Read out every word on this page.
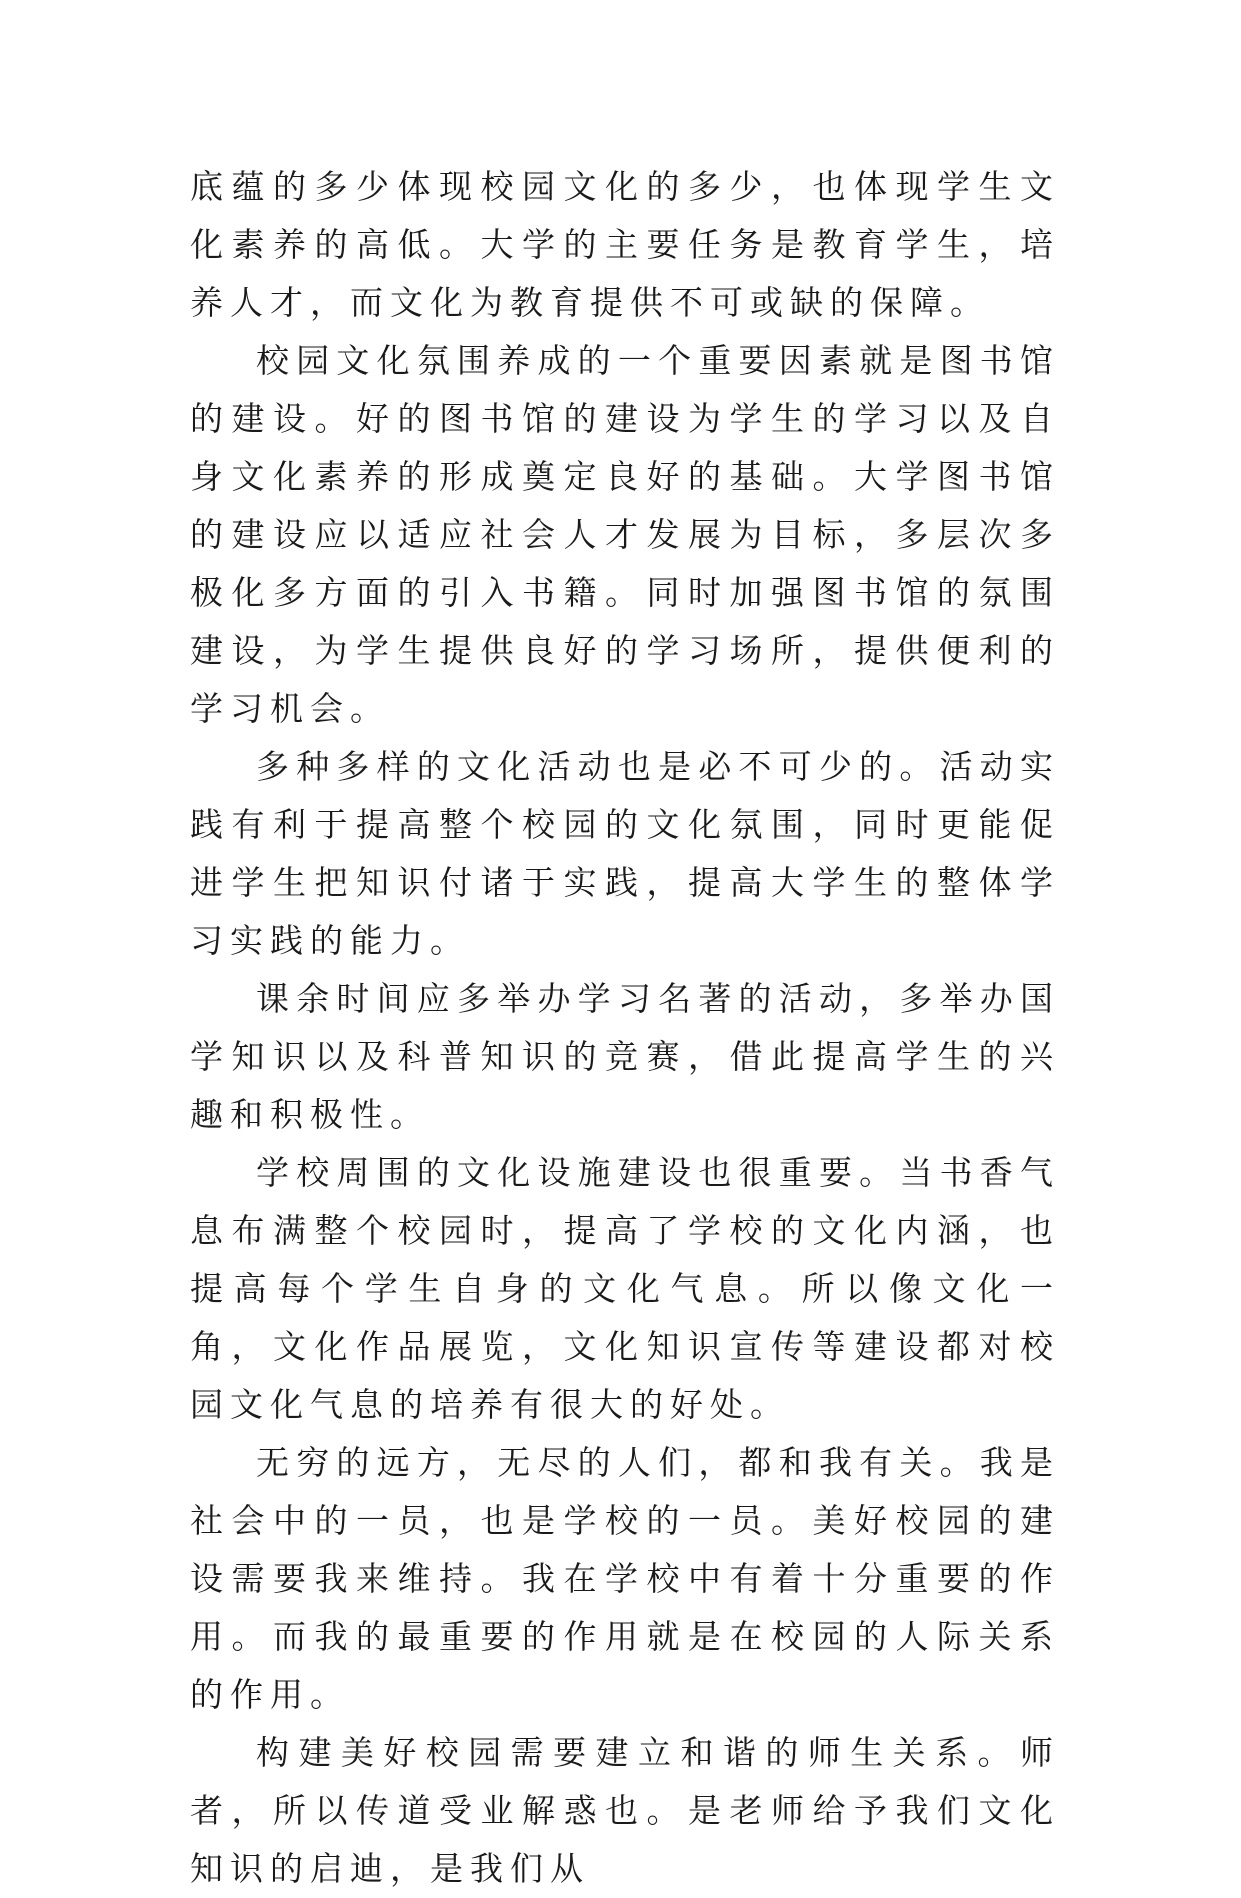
底蕴的多少体现校园文化的多少，也体现学生文化素养的高低。大学的主要任务是教育学生，培养人才，而文化为教育提供不可或缺的保障。

校园文化氛围养成的一个重要因素就是图书馆的建设。好的图书馆的建设为学生的学习以及自身文化素养的形成奠定良好的基础。大学图书馆的建设应以适应社会人才发展为目标，多层次多极化多方面的引入书籍。同时加强图书馆的氛围建设，为学生提供良好的学习场所，提供便利的学习机会。

多种多样的文化活动也是必不可少的。活动实践有利于提高整个校园的文化氛围，同时更能促进学生把知识付诸于实践，提高大学生的整体学习实践的能力。

课余时间应多举办学习名著的活动，多举办国学知识以及科普知识的竞赛，借此提高学生的兴趣和积极性。

学校周围的文化设施建设也很重要。当书香气息布满整个校园时，提高了学校的文化内涵，也提高每个学生自身的文化气息。所以像文化一角，文化作品展览，文化知识宣传等建设都对校园文化气息的培养有很大的好处。

无穷的远方，无尽的人们，都和我有关。我是社会中的一员，也是学校的一员。美好校园的建设需要我来维持。我在学校中有着十分重要的作用。而我的最重要的作用就是在校园的人际关系的作用。

构建美好校园需要建立和谐的师生关系。师者，所以传道受业解惑也。是老师给予我们文化知识的启迪，是我们从
